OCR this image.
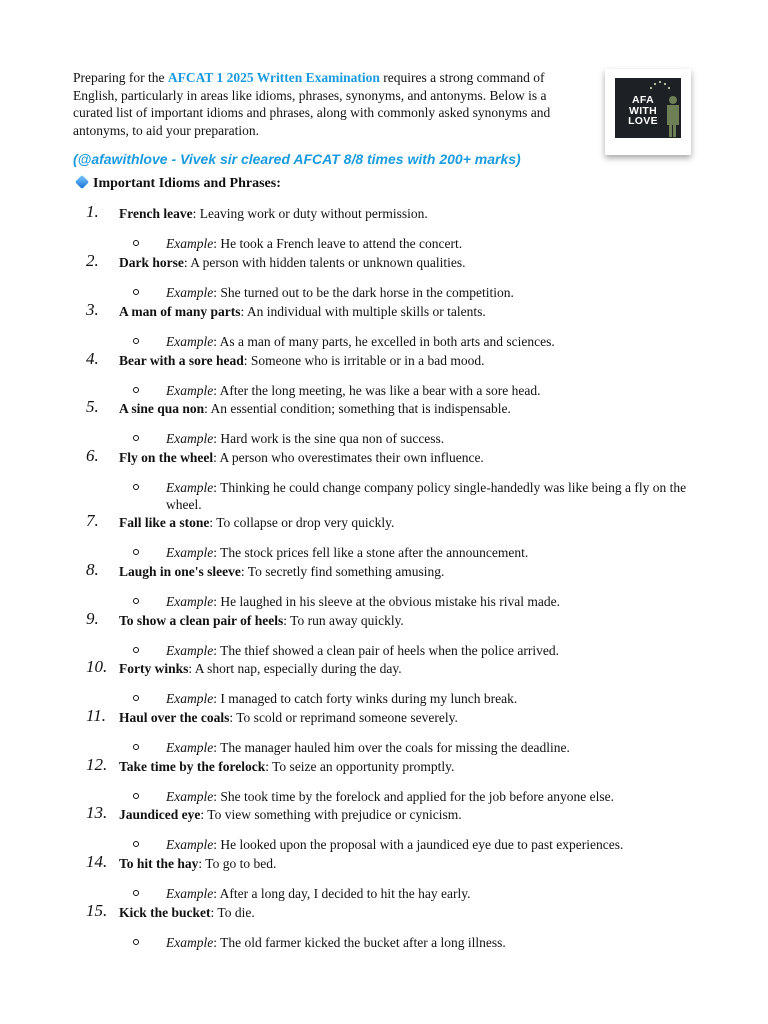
Preparing for the AFCAT 1 2025 Written Examination requires a strong command of English, particularly in areas like idioms, phrases, synonyms, and antonyms. Below is a curated list of important idioms and phrases, along with commonly asked synonyms and antonyms, to aid your preparation.

AFA
WITH
LOVE
(@afawithlove - Vivek sir cleared AFCAT 8/8 times with 200+ marks)
Important Idioms and Phrases:
1. French leave: Leaving work or duty without permission.
Example: He took a French leave to attend the concert.
2. Dark horse: A person with hidden talents or unknown qualities.
Example: She turned out to be the dark horse in the competition.
3. A man of many parts: An individual with multiple skills or talents.
Example: As a man of many parts, he excelled in both arts and sciences.
4. Bear with a sore head: Someone who is irritable or in a bad mood.
Example: After the long meeting, he was like a bear with a sore head.
5. A sine qua non: An essential condition; something that is indispensable.
Example: Hard work is the sine qua non of success.
6. Fly on the wheel: A person who overestimates their own influence.
Example: Thinking he could change company policy single-handedly was like being a fly on the wheel.
7. Fall like a stone: To collapse or drop very quickly.
Example: The stock prices fell like a stone after the announcement.
8. Laugh in one's sleeve: To secretly find something amusing.
Example: He laughed in his sleeve at the obvious mistake his rival made.
9. To show a clean pair of heels: To run away quickly.
Example: The thief showed a clean pair of heels when the police arrived.
10. Forty winks: A short nap, especially during the day.
Example: I managed to catch forty winks during my lunch break.
11. Haul over the coals: To scold or reprimand someone severely.
Example: The manager hauled him over the coals for missing the deadline.
12. Take time by the forelock: To seize an opportunity promptly.
Example: She took time by the forelock and applied for the job before anyone else.
13. Jaundiced eye: To view something with prejudice or cynicism.
Example: He looked upon the proposal with a jaundiced eye due to past experiences.
14. To hit the hay: To go to bed.
Example: After a long day, I decided to hit the hay early.
15. Kick the bucket: To die.
Example: The old farmer kicked the bucket after a long illness.
